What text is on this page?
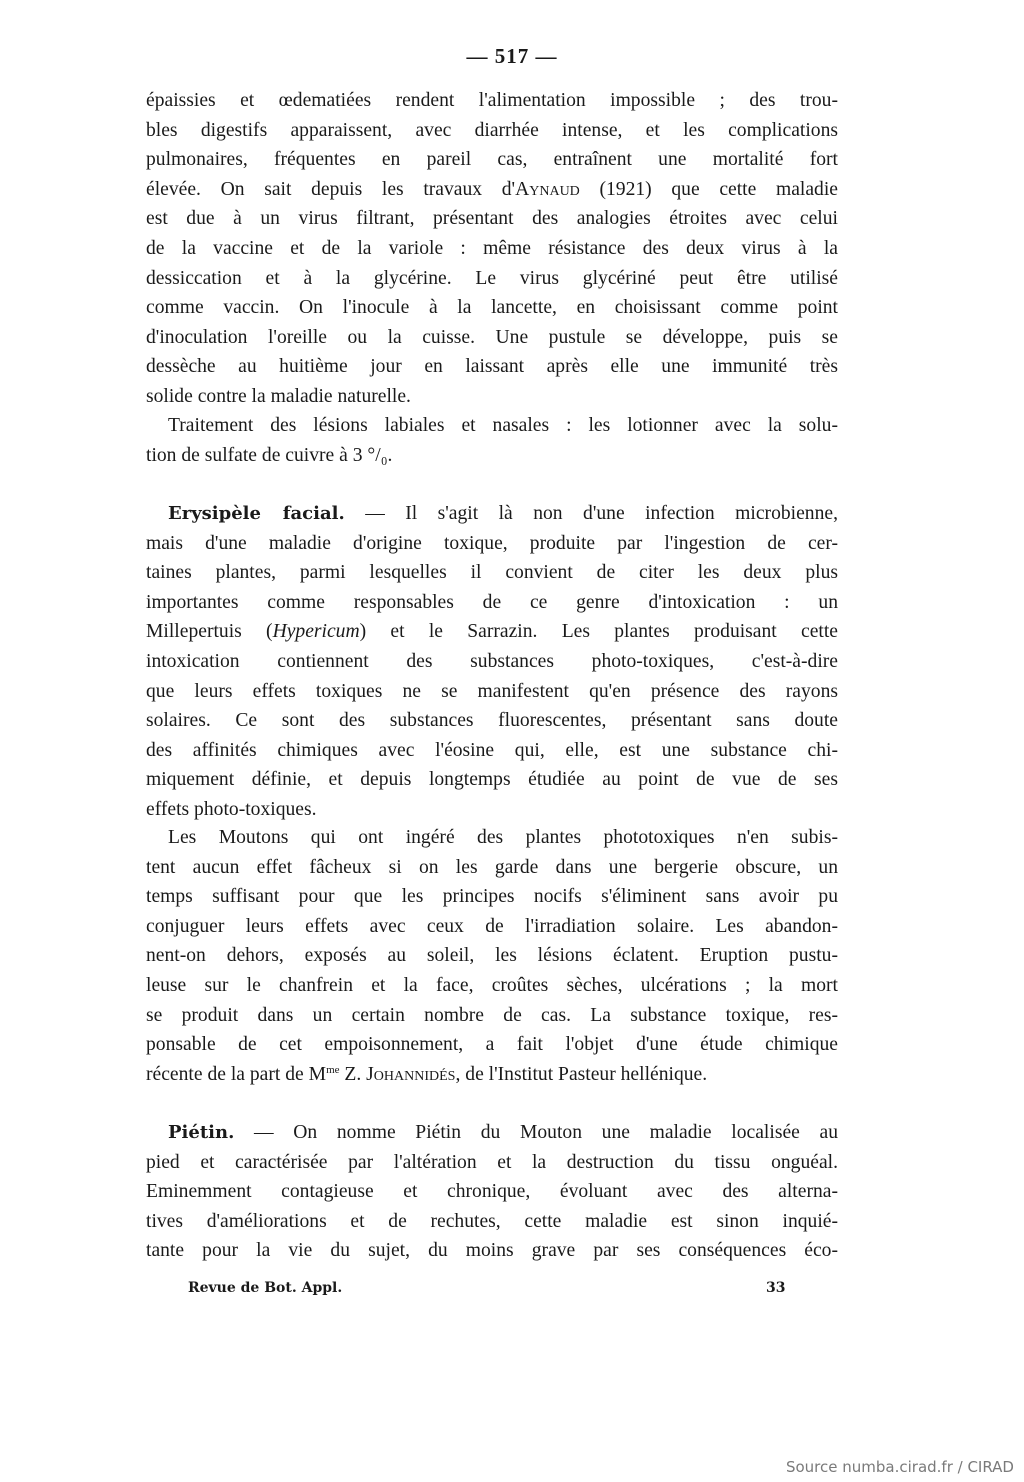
— 517 —
épaissies et œdematiées rendent l'alimentation impossible ; des trou-
bles digestifs apparaissent, avec diarrhée intense, et les complications
pulmonaires, fréquentes en pareil cas, entraînent une mortalité fort
élevée. On sait depuis les travaux d'Aynaud (1921) que cette maladie
est due à un virus filtrant, présentant des analogies étroites avec celui
de la vaccine et de la variole : même résistance des deux virus à la
dessiccation et à la glycérine. Le virus glycériné peut être utilisé
comme vaccin. On l'inocule à la lancette, en choisissant comme point
d'inoculation l'oreille ou la cuisse. Une pustule se développe, puis se
dessèche au huitième jour en laissant après elle une immunité très
solide contre la maladie naturelle.
Traitement des lésions labiales et nasales : les lotionner avec la solu-
tion de sulfate de cuivre à 3 °/₀.
Erysipèle facial. — Il s'agit là non d'une infection microbienne,
mais d'une maladie d'origine toxique, produite par l'ingestion de cer-
taines plantes, parmi lesquelles il convient de citer les deux plus
importantes comme responsables de ce genre d'intoxication : un
Millepertuis (Hypericum) et le Sarrazin. Les plantes produisant cette
intoxication contiennent des substances photo-toxiques, c'est-à-dire
que leurs effets toxiques ne se manifestent qu'en présence des rayons
solaires. Ce sont des substances fluorescentes, présentant sans doute
des affinités chimiques avec l'éosine qui, elle, est une substance chi-
miquement définie, et depuis longtemps étudiée au point de vue de ses
effets photo-toxiques.
Les Moutons qui ont ingéré des plantes phototoxiques n'en subis-
tent aucun effet fâcheux si on les garde dans une bergerie obscure, un
temps suffisant pour que les principes nocifs s'éliminent sans avoir pu
conjuguer leurs effets avec ceux de l'irradiation solaire. Les abandon-
nent-on dehors, exposés au soleil, les lésions éclatent. Eruption pustu-
leuse sur le chanfrein et la face, croûtes sèches, ulcérations ; la mort
se produit dans un certain nombre de cas. La substance toxique, res-
ponsable de cet empoisonnement, a fait l'objet d'une étude chimique
récente de la part de $M^{me}$ Z. Johannidés, de l'Institut Pasteur hellénique.
Piétin. — On nomme Piétin du Mouton une maladie localisée au
pied et caractérisée par l'altération et la destruction du tissu onguéal.
Eminemment contagieuse et chronique, évoluant avec des alterna-
tives d'améliorations et de rechutes, cette maladie est sinon inquié-
tante pour la vie du sujet, du moins grave par ses conséquences éco-
Revue de Bot. Appl.	33
Source numba.cirad.fr / CIRAD
